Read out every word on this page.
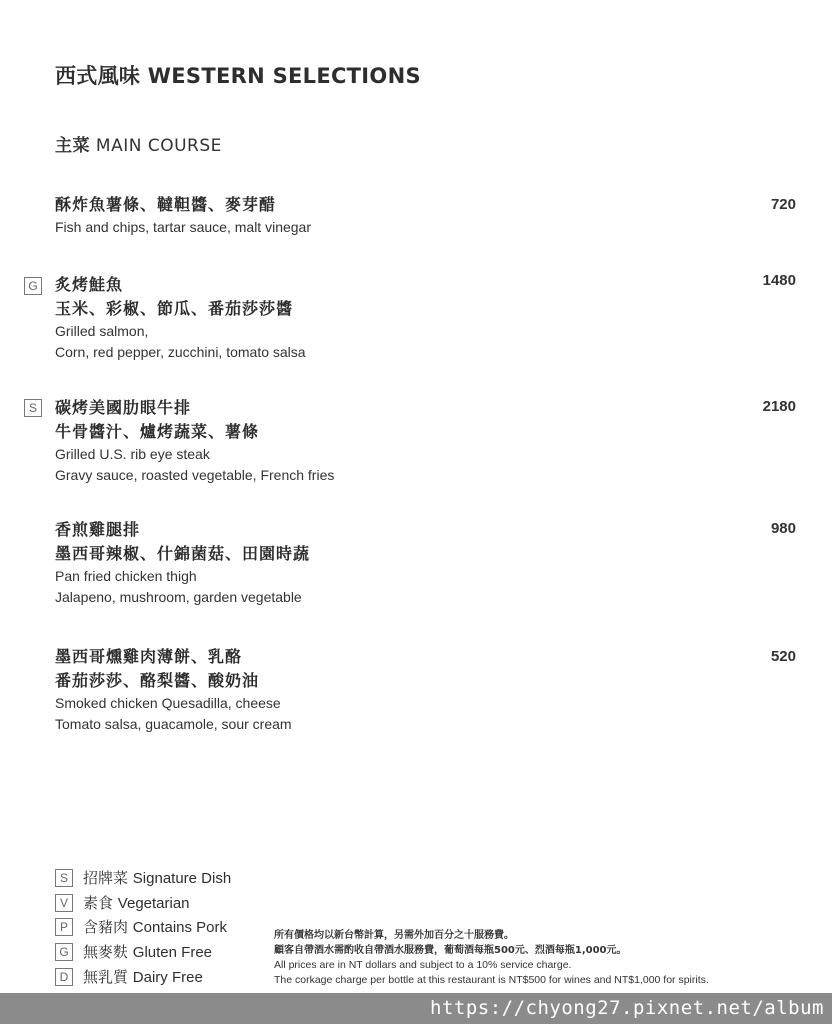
西式風味 WESTERN SELECTIONS
主菜 MAIN COURSE
酥炸魚薯條、韃靼醬、麥芽醋
Fish and chips, tartar sauce, malt vinegar
720
G 炙烤鮭魚
玉米、彩椒、節瓜、番茄莎莎醬
Grilled salmon,
Corn, red pepper, zucchini, tomato salsa
1480
S	碳烤美國肋眼牛排
牛骨醬汁、爐烤蔬菜、薯條
Grilled U.S. rib eye steak
Gravy sauce, roasted vegetable, French fries
2180
香煎雞腿排
墨西哥辣椒、什錦菌菇、田園時蔬
Pan fried chicken thigh
Jalapeno, mushroom, garden vegetable
980
墨西哥燻雞肉薄餅、乳酪
番茄莎莎、酪梨醬、酸奶油
Smoked chicken Quesadilla, cheese
Tomato salsa, guacamole, sour cream
520
S	招牌菜 Signature Dish
V	素食 Vegetarian
P	含豬肉 Contains Pork
G 無麥麩 Gluten Free
D 無乳質 Dairy Free
所有價格均以新台幣計算，另需外加百分之十服務費。
顧客自帶酒水需酌收自帶酒水服務費，葡萄酒每瓶500元、烈酒每瓶1,000元。
All prices are in NT dollars and subject to a 10% service charge.
The corkage charge per bottle at this restaurant is NT$500 for wines and NT$1,000 for spirits.
https://chyong27.pixnet.net/album
